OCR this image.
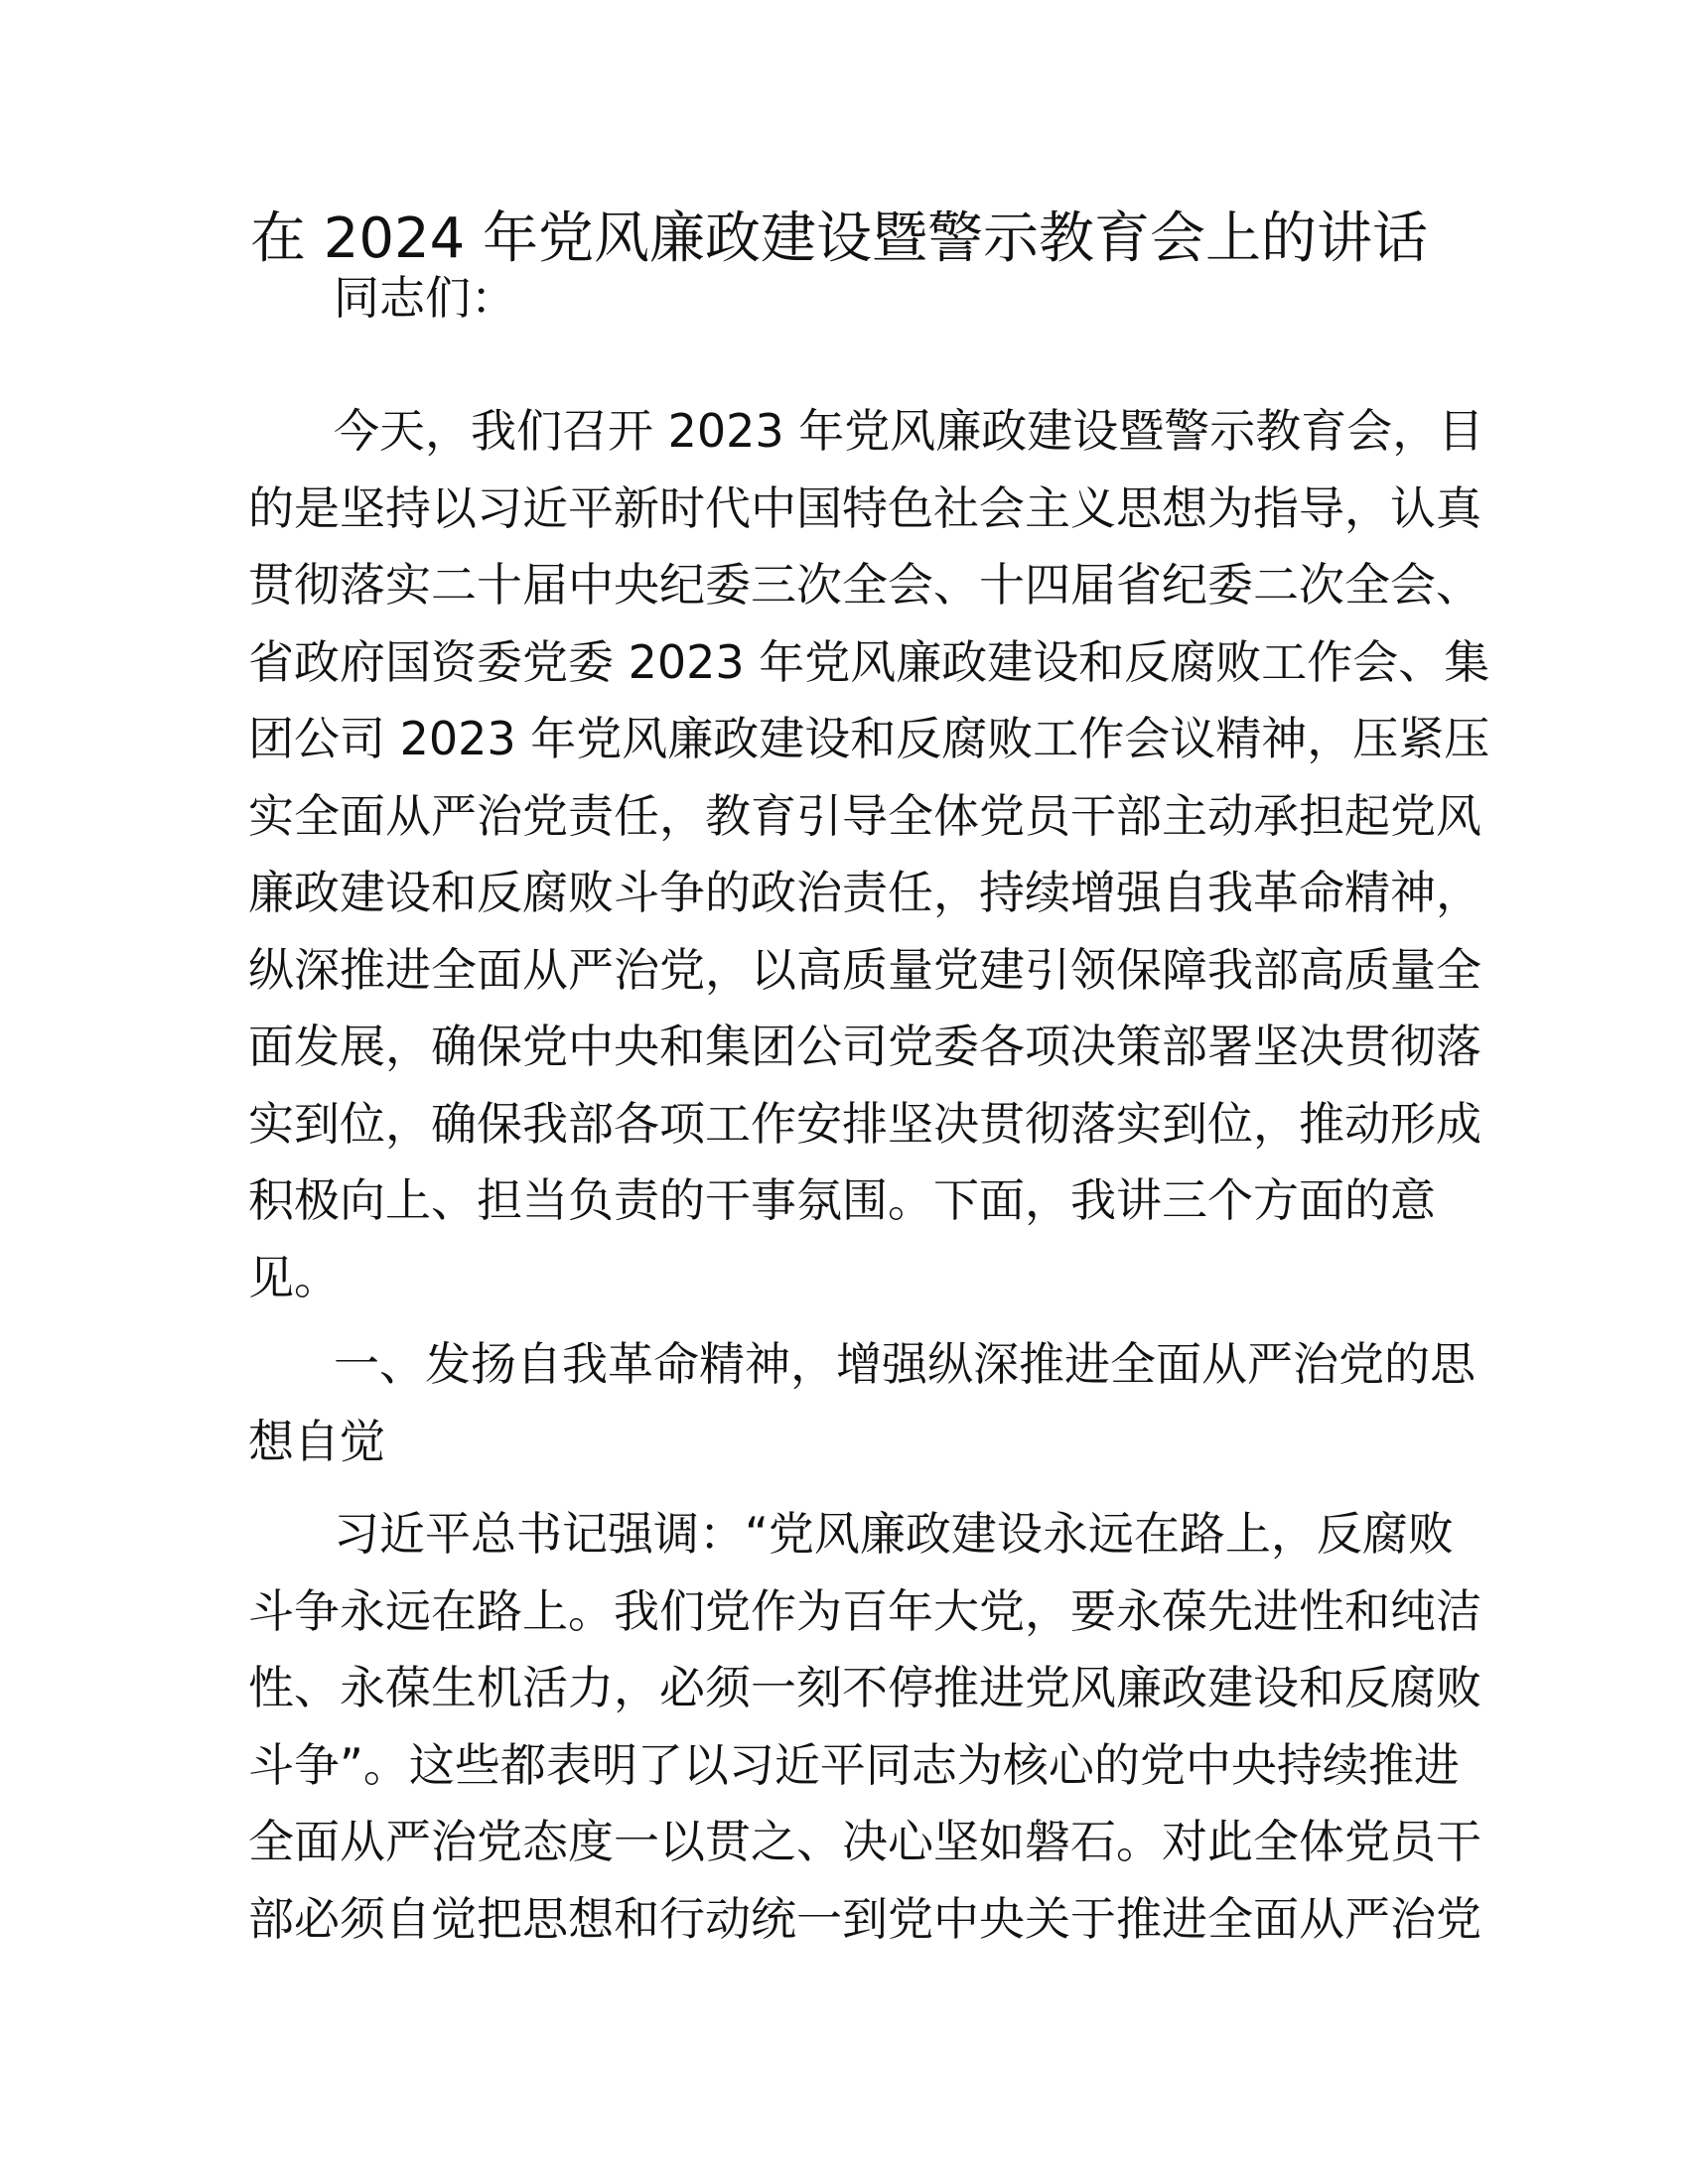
在 2024 年党风廉政建设暨警示教育会上的讲话
同志们：
今天，我们召开 2023 年党风廉政建设暨警示教育会，目
的是坚持以习近平新时代中国特色社会主义思想为指导，认真
贯彻落实二十届中央纪委三次全会、十四届省纪委二次全会、
省政府国资委党委 2023 年党风廉政建设和反腐败工作会、集
团公司 2023 年党风廉政建设和反腐败工作会议精神，压紧压
实全面从严治党责任，教育引导全体党员干部主动承担起党风
廉政建设和反腐败斗争的政治责任，持续增强自我革命精神，
纵深推进全面从严治党，以高质量党建引领保障我部高质量全
面发展，确保党中央和集团公司党委各项决策部署坚决贯彻落
实到位，确保我部各项工作安排坚决贯彻落实到位，推动形成
积极向上、担当负责的干事氛围。下面，我讲三个方面的意
见。
一、发扬自我革命精神，增强纵深推进全面从严治党的思
想自觉
习近平总书记强调：“党风廉政建设永远在路上，反腐败
斗争永远在路上。我们党作为百年大党，要永葆先进性和纯洁
性、永葆生机活力，必须一刻不停推进党风廉政建设和反腐败
斗争”。这些都表明了以习近平同志为核心的党中央持续推进
全面从严治党态度一以贯之、决心坚如磐石。对此全体党员干
部必须自觉把思想和行动统一到党中央关于推进全面从严治党
